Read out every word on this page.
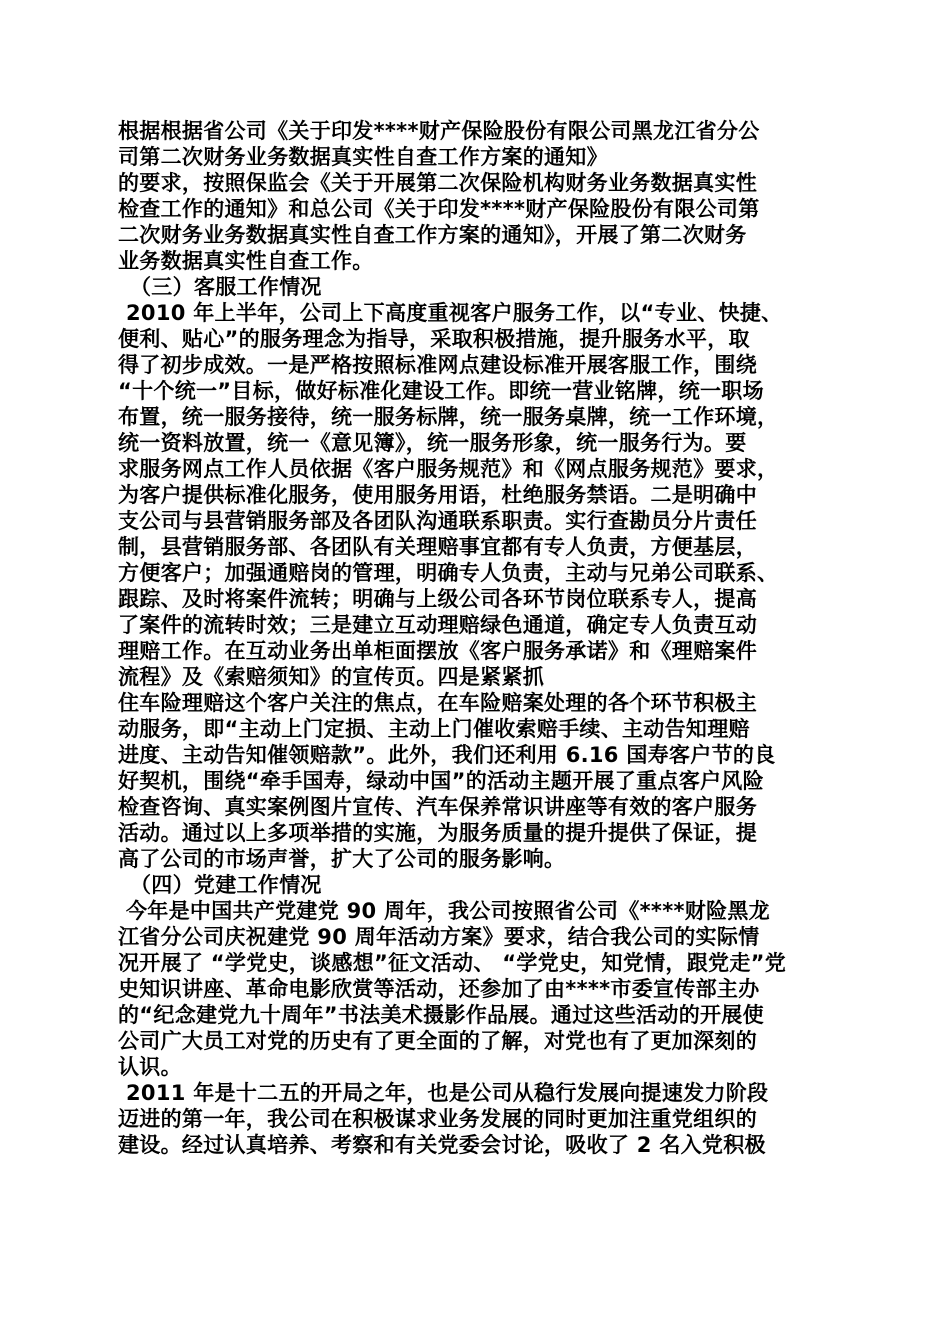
根据根据省公司《关于印发****财产保险股份有限公司黑龙江省分公
司第二次财务业务数据真实性自查工作方案的通知》
的要求，按照保监会《关于开展第二次保险机构财务业务数据真实性
检查工作的通知》和总公司《关于印发****财产保险股份有限公司第
二次财务业务数据真实性自查工作方案的通知》，开展了第二次财务
业务数据真实性自查工作。
（三）客服工作情况
2010 年上半年，公司上下高度重视客户服务工作，以“专业、快捷、
便利、贴心”的服务理念为指导，采取积极措施，提升服务水平，取
得了初步成效。一是严格按照标准网点建设标准开展客服工作，围绕
“十个统一”目标，做好标准化建设工作。即统一营业铭牌，统一职场
布置，统一服务接待，统一服务标牌，统一服务桌牌，统一工作环境，
统一资料放置，统一《意见簿》，统一服务形象，统一服务行为。要
求服务网点工作人员依据《客户服务规范》和《网点服务规范》要求，
为客户提供标准化服务，使用服务用语，杜绝服务禁语。二是明确中
支公司与县营销服务部及各团队沟通联系职责。实行查勘员分片责任
制，县营销服务部、各团队有关理赔事宜都有专人负责，方便基层，
方便客户；加强通赔岗的管理，明确专人负责，主动与兄弟公司联系、
跟踪、及时将案件流转；明确与上级公司各环节岗位联系专人，提高
了案件的流转时效；三是建立互动理赔绿色通道，确定专人负责互动
理赔工作。在互动业务出单柜面摆放《客户服务承诺》和《理赔案件
流程》及《索赔须知》的宣传页。四是紧紧抓
住车险理赔这个客户关注的焦点，在车险赔案处理的各个环节积极主
动服务，即“主动上门定损、主动上门催收索赔手续、主动告知理赔
进度、主动告知催领赔款”。此外，我们还利用 6.16 国寿客户节的良
好契机，围绕“牵手国寿，绿动中国”的活动主题开展了重点客户风险
检查咨询、真实案例图片宣传、汽车保养常识讲座等有效的客户服务
活动。通过以上多项举措的实施，为服务质量的提升提供了保证，提
高了公司的市场声誉，扩大了公司的服务影响。
（四）党建工作情况
今年是中国共产党建党 90 周年，我公司按照省公司《****财险黑龙
江省分公司庆祝建党 90 周年活动方案》要求，结合我公司的实际情
况开展了 “学党史，谈感想”征文活动、 “学党史，知党情，跟党走”党
史知识讲座、革命电影欣赏等活动，还参加了由****市委宣传部主办
的“纪念建党九十周年”书法美术摄影作品展。通过这些活动的开展使
公司广大员工对党的历史有了更全面的了解，对党也有了更加深刻的
认识。
2011 年是十二五的开局之年，也是公司从稳行发展向提速发力阶段
迈进的第一年，我公司在积极谋求业务发展的同时更加注重党组织的
建设。经过认真培养、考察和有关党委会讨论，吸收了 2 名入党积极
